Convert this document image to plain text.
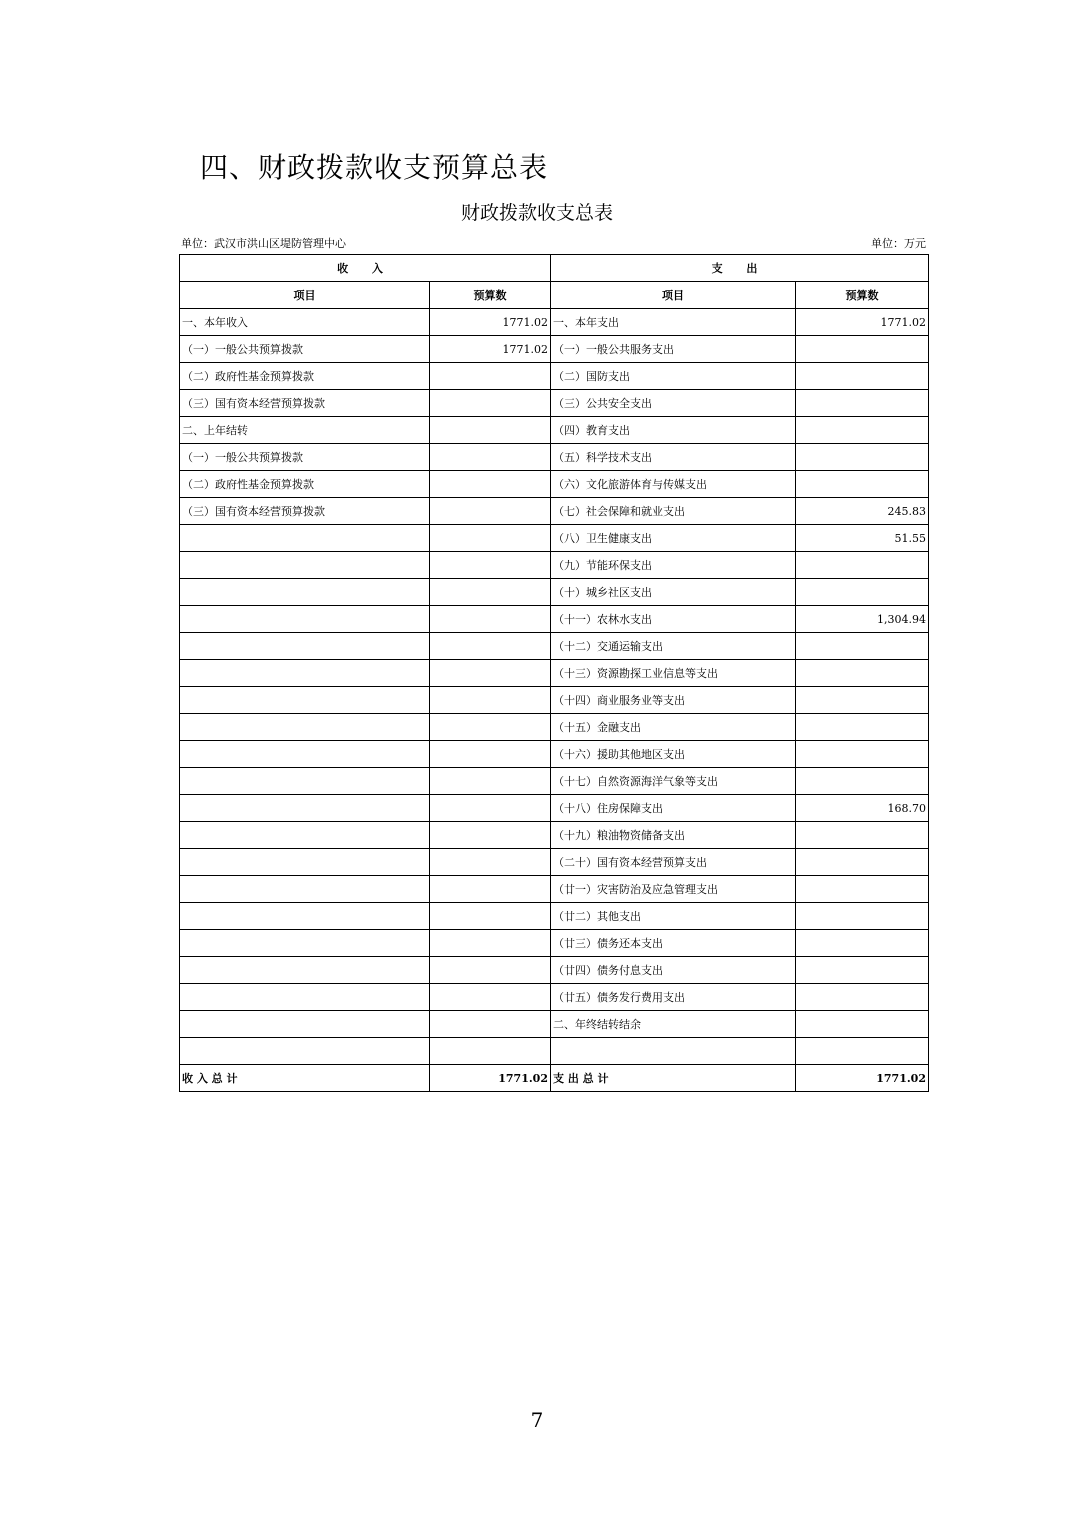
四、财政拨款收支预算总表
财政拨款收支总表
单位：武汉市洪山区堤防管理中心	单位：万元
收 入		支 出	
项目	预算数	项目	预算数
一、本年收入	1771.02	一、本年支出	1771.02
（一）一般公共预算拨款	1771.02	（一）一般公共服务支出	
（二）政府性基金预算拨款		（二）国防支出	
（三）国有资本经营预算拨款		（三）公共安全支出	
二、上年结转		（四）教育支出	
（一）一般公共预算拨款		（五）科学技术支出	
（二）政府性基金预算拨款		（六）文化旅游体育与传媒支出	
（三）国有资本经营预算拨款		（七）社会保障和就业支出	245.83
		（八）卫生健康支出	51.55
		（九）节能环保支出	
		（十）城乡社区支出	
		（十一）农林水支出	1,304.94
		（十二）交通运输支出	
		（十三）资源勘探工业信息等支出	
		（十四）商业服务业等支出	
		（十五）金融支出	
		（十六）援助其他地区支出	
		（十七）自然资源海洋气象等支出	
		（十八）住房保障支出	168.70
		（十九）粮油物资储备支出	
		（二十）国有资本经营预算支出	
		（廿一）灾害防治及应急管理支出	
		（廿二）其他支出	
		（廿三）债务还本支出	
		（廿四）债务付息支出	
		（廿五）债务发行费用支出	
		二、年终结转结余	

收 入 总 计	1771.02	支 出 总 计	1771.02
7
